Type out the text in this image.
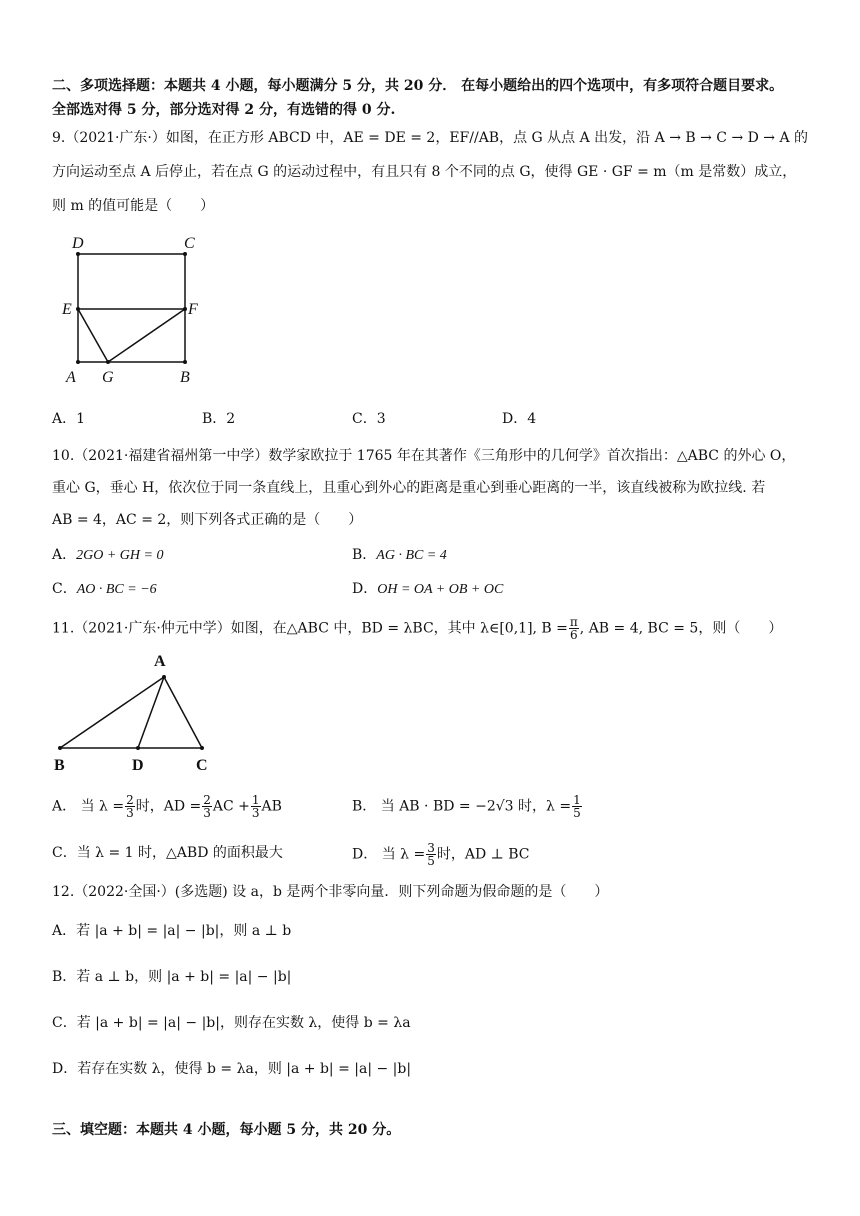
二、多项选择题：本题共 4 小题，每小题满分 5 分，共 20 分． 在每小题给出的四个选项中，有多项符合题目要求。
全部选对得 5 分，部分选对得 2 分，有选错的得 0 分.
9.（2021·广东·）如图，在正方形 ABCD 中，AE = DE = 2，EF//AB，点 G 从点 A 出发，沿 A → B → C → D → A 的
方向运动至点 A 后停止，若在点 G 的运动过程中，有且只有 8 个不同的点 G，使得 GE · GF = m（m 是常数）成立，
则 m 的值可能是（　　）
D	C
E	F
A G	B
A．1	B．2	C．3	D．4
10.（2021·福建省福州第一中学）数学家欧拉于 1765 年在其著作《三角形中的几何学》首次指出：△ABC 的外心 O，
重心 G，垂心 H，依次位于同一条直线上，且重心到外心的距离是重心到垂心距离的一半，该直线被称为欧拉线. 若
AB = 4，AC = 2，则下列各式正确的是（　　）
A．2GO + GH = 0	B．AG · BC = 4
C．AO · BC = −6	D．OH = OA + OB + OC
11.（2021·广东·仲元中学）如图，在△ABC 中，BD = λBC，其中 λ∈[0,1], $B = \frac{\pi}{6}$ , AB = 4, BC = 5，则（　　）
A
B	D	C
A． 当 $\lambda = \frac{2}{3}$ 时，AD = $\frac{2}{3}$ AC + $\frac{1}{3}$ AB	B． 当 AB · BD = −2√3 时，$\lambda = \frac{1}{5}$
C．当 λ = 1 时，△ABD 的面积最大	D． 当 $\lambda = \frac{3}{5}$ 时，AD ⊥ BC
12.（2022·全国·）(多选题) 设 a，b 是两个非零向量．则下列命题为假命题的是（　　）
A．若 |a + b| = |a| − |b|，则 a ⊥ b
B．若 a ⊥ b，则 |a + b| = |a| − |b|
C．若 |a + b| = |a| − |b|，则存在实数 λ，使得 b = λa
D．若存在实数 λ，使得 b = λa，则 |a + b| = |a| − |b|
三、填空题：本题共 4 小题，每小题 5 分，共 20 分。
